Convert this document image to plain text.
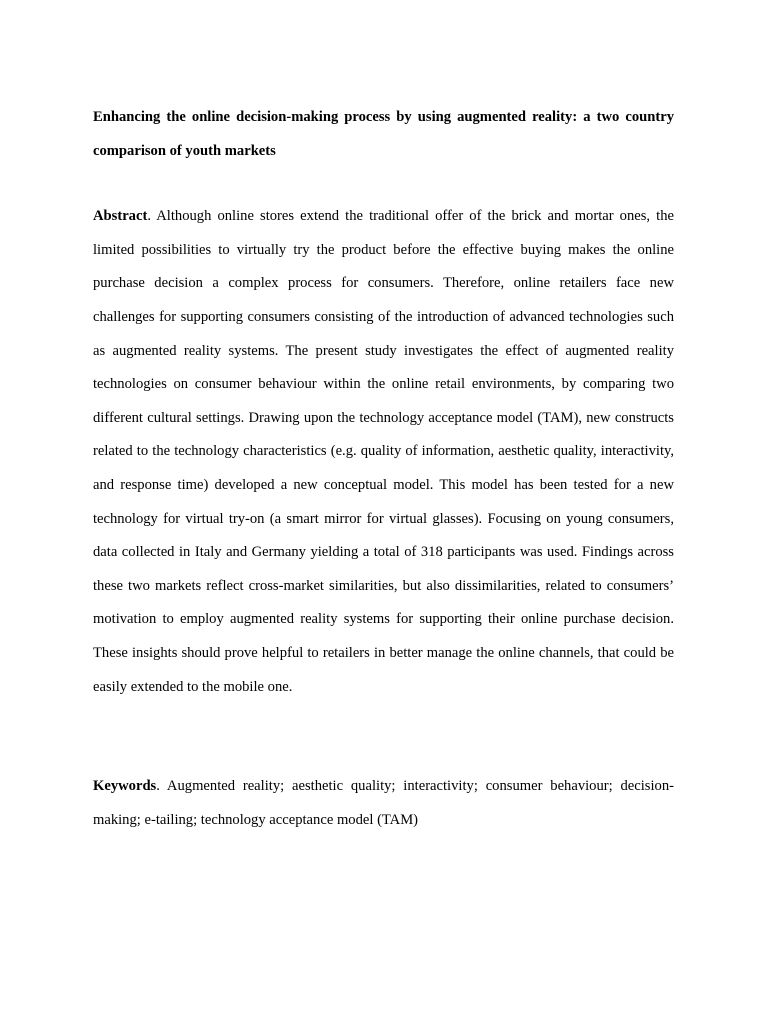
Enhancing the online decision-making process by using augmented reality: a two country comparison of youth markets

Abstract. Although online stores extend the traditional offer of the brick and mortar ones, the limited possibilities to virtually try the product before the effective buying makes the online purchase decision a complex process for consumers. Therefore, online retailers face new challenges for supporting consumers consisting of the introduction of advanced technologies such as augmented reality systems. The present study investigates the effect of augmented reality technologies on consumer behaviour within the online retail environments, by comparing two different cultural settings. Drawing upon the technology acceptance model (TAM), new constructs related to the technology characteristics (e.g. quality of information, aesthetic quality, interactivity, and response time) developed a new conceptual model. This model has been tested for a new technology for virtual try-on (a smart mirror for virtual glasses). Focusing on young consumers, data collected in Italy and Germany yielding a total of 318 participants was used. Findings across these two markets reflect cross-market similarities, but also dissimilarities, related to consumers’ motivation to employ augmented reality systems for supporting their online purchase decision. These insights should prove helpful to retailers in better manage the online channels, that could be easily extended to the mobile one.
Keywords. Augmented reality; aesthetic quality; interactivity; consumer behaviour; decision-making; e-tailing; technology acceptance model (TAM)
